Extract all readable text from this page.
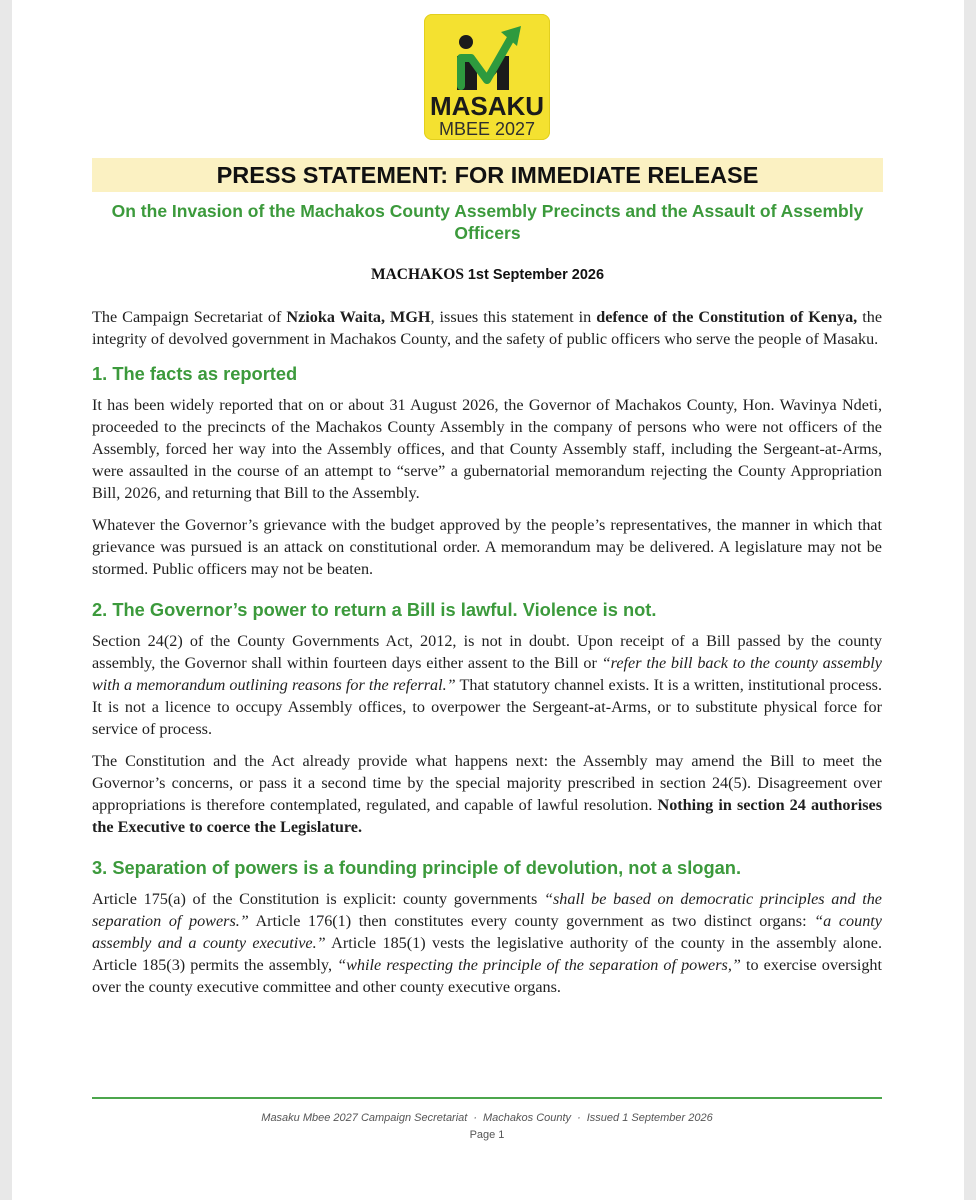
MASAKU
MBEE 2027
PRESS STATEMENT: FOR IMMEDIATE RELEASE
On the Invasion of the Machakos County Assembly Precincts and the Assault of Assembly Officers
MACHAKOS 1st September 2026

The Campaign Secretariat of Nzioka Waita, MGH, issues this statement in defence of the Constitution of Kenya, the integrity of devolved government in Machakos County, and the safety of public officers who serve the people of Masaku.

1. The facts as reported

It has been widely reported that on or about 31 August 2026, the Governor of Machakos County, Hon. Wavinya Ndeti, proceeded to the precincts of the Machakos County Assembly in the company of persons who were not officers of the Assembly, forced her way into the Assembly offices, and that County Assembly staff, including the Sergeant-at-Arms, were assaulted in the course of an attempt to “serve” a gubernatorial memorandum rejecting the County Appropriation Bill, 2026, and returning that Bill to the Assembly.

Whatever the Governor’s grievance with the budget approved by the people’s representatives, the manner in which that grievance was pursued is an attack on constitutional order. A memorandum may be delivered. A legislature may not be stormed. Public officers may not be beaten.

2. The Governor’s power to return a Bill is lawful. Violence is not.

Section 24(2) of the County Governments Act, 2012, is not in doubt. Upon receipt of a Bill passed by the county assembly, the Governor shall within fourteen days either assent to the Bill or “refer the bill back to the county assembly with a memorandum outlining reasons for the referral.” That statutory channel exists. It is a written, institutional process. It is not a licence to occupy Assembly offices, to overpower the Sergeant-at-Arms, or to substitute physical force for service of process.

The Constitution and the Act already provide what happens next: the Assembly may amend the Bill to meet the Governor’s concerns, or pass it a second time by the special majority prescribed in section 24(5). Disagreement over appropriations is therefore contemplated, regulated, and capable of lawful resolution. Nothing in section 24 authorises the Executive to coerce the Legislature.

3. Separation of powers is a founding principle of devolution, not a slogan.

Article 175(a) of the Constitution is explicit: county governments “shall be based on democratic principles and the separation of powers.” Article 176(1) then constitutes every county government as two distinct organs: “a county assembly and a county executive.” Article 185(1) vests the legislative authority of the county in the assembly alone. Article 185(3) permits the assembly, “while respecting the principle of the separation of powers,” to exercise oversight over the county executive committee and other county executive organs.

Masaku Mbee 2027 Campaign Secretariat · Machakos County · Issued 1 September 2026
Page 1
